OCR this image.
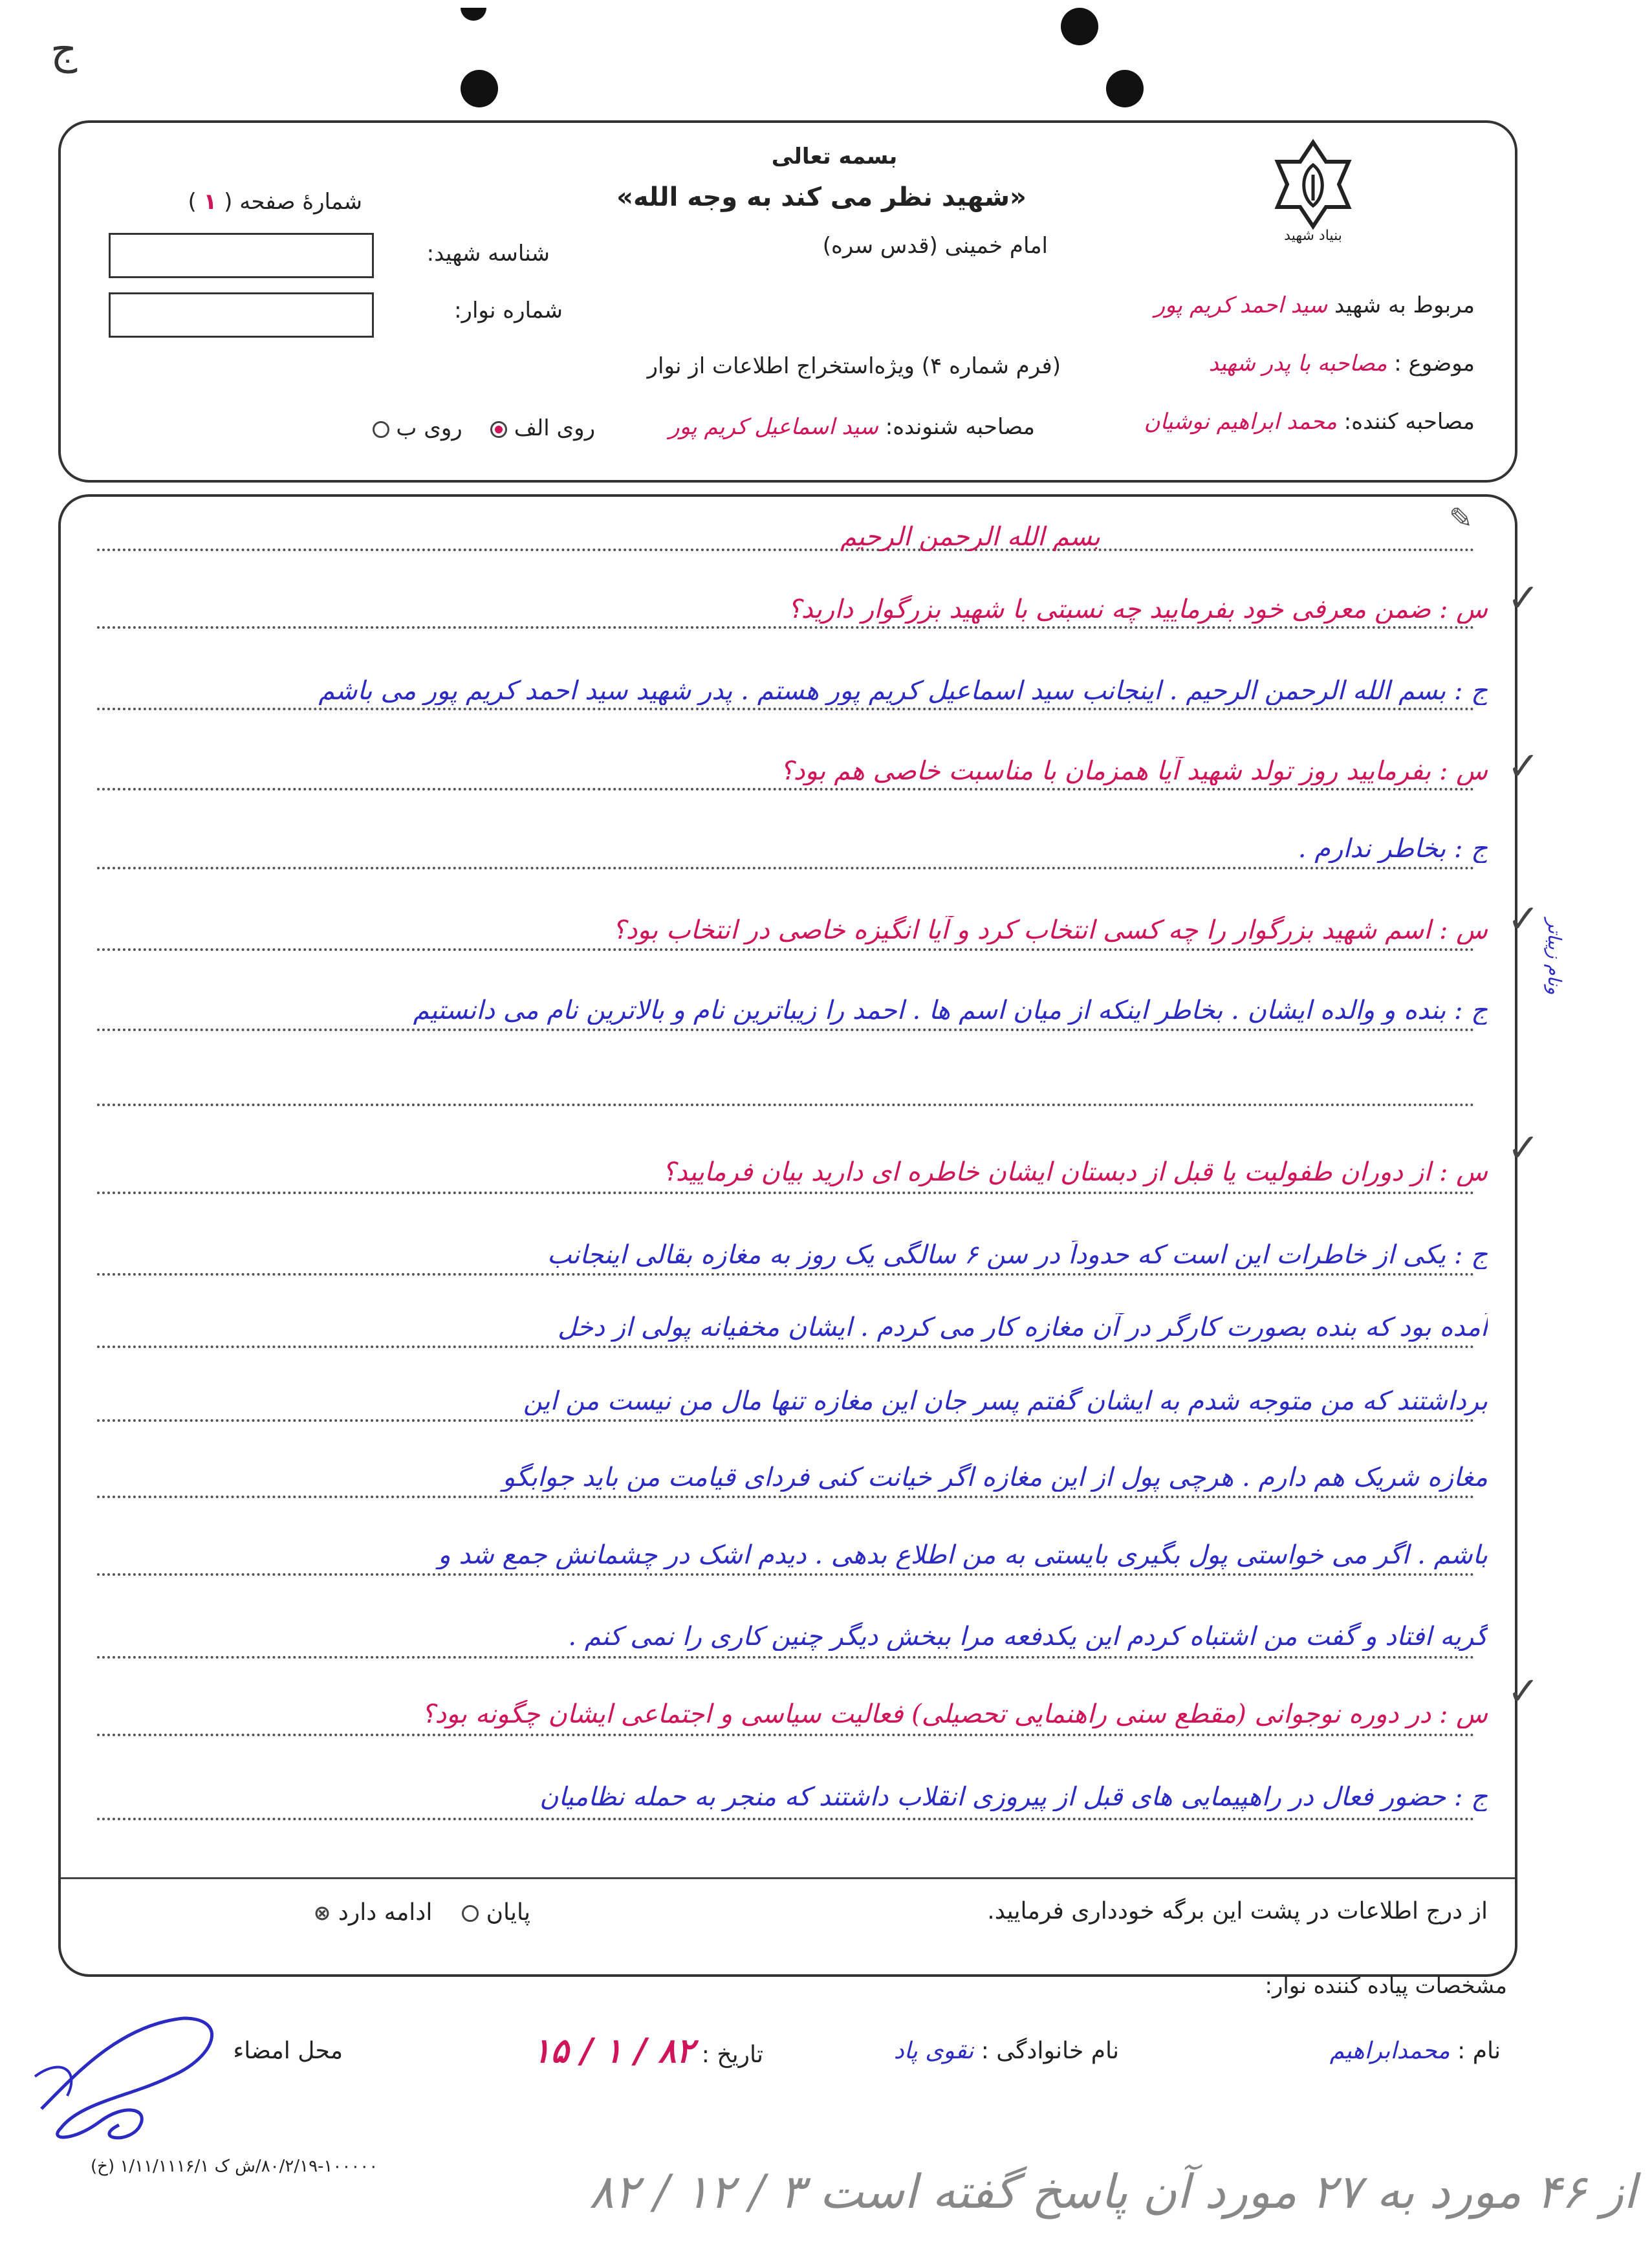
ﺝ
بسمه تعالی
«شهید نظر می کند به وجه الله»
امام خمینی (قدس سره)	بنیاد شهید
شمارهٔ صفحه ( ۱ )
شناسه شهید:
شماره نوار:	مربوط به شهید سید احمد کریم پور
موضوع : مصاحبه با پدر شهید
(فرم شماره ۴) ویژه‌استخراج اطلاعات از نوار
مصاحبه کننده: محمد ابراهیم نوشیان
مصاحبه شنونده: سید اسماعیل کریم پور
روی الف     روی ب
✎
بسم الله الرحمن الرحیم
س : ضمن معرفی خود بفرمایید چه نسبتی با شهید بزرگوار دارید؟ ✓
ج : بسم الله الرحمن الرحیم . اینجانب سید اسماعیل کریم پور هستم . پدر شهید سید احمد کریم پور می باشم
س : بفرمایید روز تولد شهید آیا همزمان با مناسبت خاصی هم بود؟ ✓
ج : بخاطر ندارم .
س : اسم شهید بزرگوار را چه کسی انتخاب کرد و آیا انگیزه خاصی در انتخاب بود؟ ✓
ج : بنده و والده ایشان . بخاطر اینکه از میان اسم ها . احمد را زیباترین نام و بالاترین نام می دانستیم
ونام زیباتر
س : از دوران طفولیت یا قبل از دبستان ایشان خاطره ای دارید بیان فرمایید؟
✓
ج : یکی از خاطرات این است که حدوداً در سن ۶ سالگی یک روز به مغازه بقالی اینجانب
آمده بود که بنده بصورت کارگر در آن مغازه کار می کردم . ایشان مخفیانه پولی از دخل
برداشتند که من متوجه شدم به ایشان گفتم پسر جان این مغازه تنها مال من نیست من این
مغازه شریک هم دارم . هرچی پول از این مغازه اگر خیانت کنی فردای قیامت من باید جوابگو
باشم . اگر می خواستی پول بگیری بایستی به من اطلاع بدهی . دیدم اشک در چشمانش جمع شد و
گریه افتاد و گفت من اشتباه کردم این یکدفعه مرا ببخش دیگر چنین کاری را نمی کنم .
س : در دوره نوجوانی (مقطع سنی راهنمایی تحصیلی) فعالیت سیاسی و اجتماعی ایشان چگونه بود؟ ✓
ج : حضور فعال در راهپیمایی های قبل از پیروزی انقلاب داشتند که منجر به حمله نظامیان
از درج اطلاعات در پشت این برگه خودداری فرمایید.
پایان     ادامه دارد ⊗
مشخصات پیاده کننده نوار:
نام : محمدابراهیم
نام خانوادگی : نقوی پاد
تاریخ : ۸۲ / ۱ / ۱۵
محل امضاء
(خ) ۱۰۰۰۰۰-۸۰/۲/۱۹/ش ک ۱/۱۱/۱۱۱۶/۱	از ۴۶ مورد به ۲۷ مورد آن پاسخ گفته است ۳ / ۱۲ / ۸۲
